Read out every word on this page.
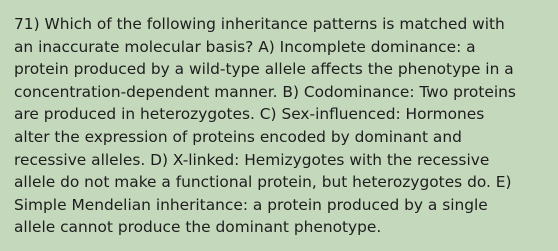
71) Which of the following inheritance patterns is matched with
an inaccurate molecular basis? A) Incomplete dominance: a
protein produced by a wild-type allele affects the phenotype in a
concentration-dependent manner. B) Codominance: Two proteins
are produced in heterozygotes. C) Sex-influenced: Hormones
alter the expression of proteins encoded by dominant and
recessive alleles. D) X-linked: Hemizygotes with the recessive
allele do not make a functional protein, but heterozygotes do. E)
Simple Mendelian inheritance: a protein produced by a single
allele cannot produce the dominant phenotype.
